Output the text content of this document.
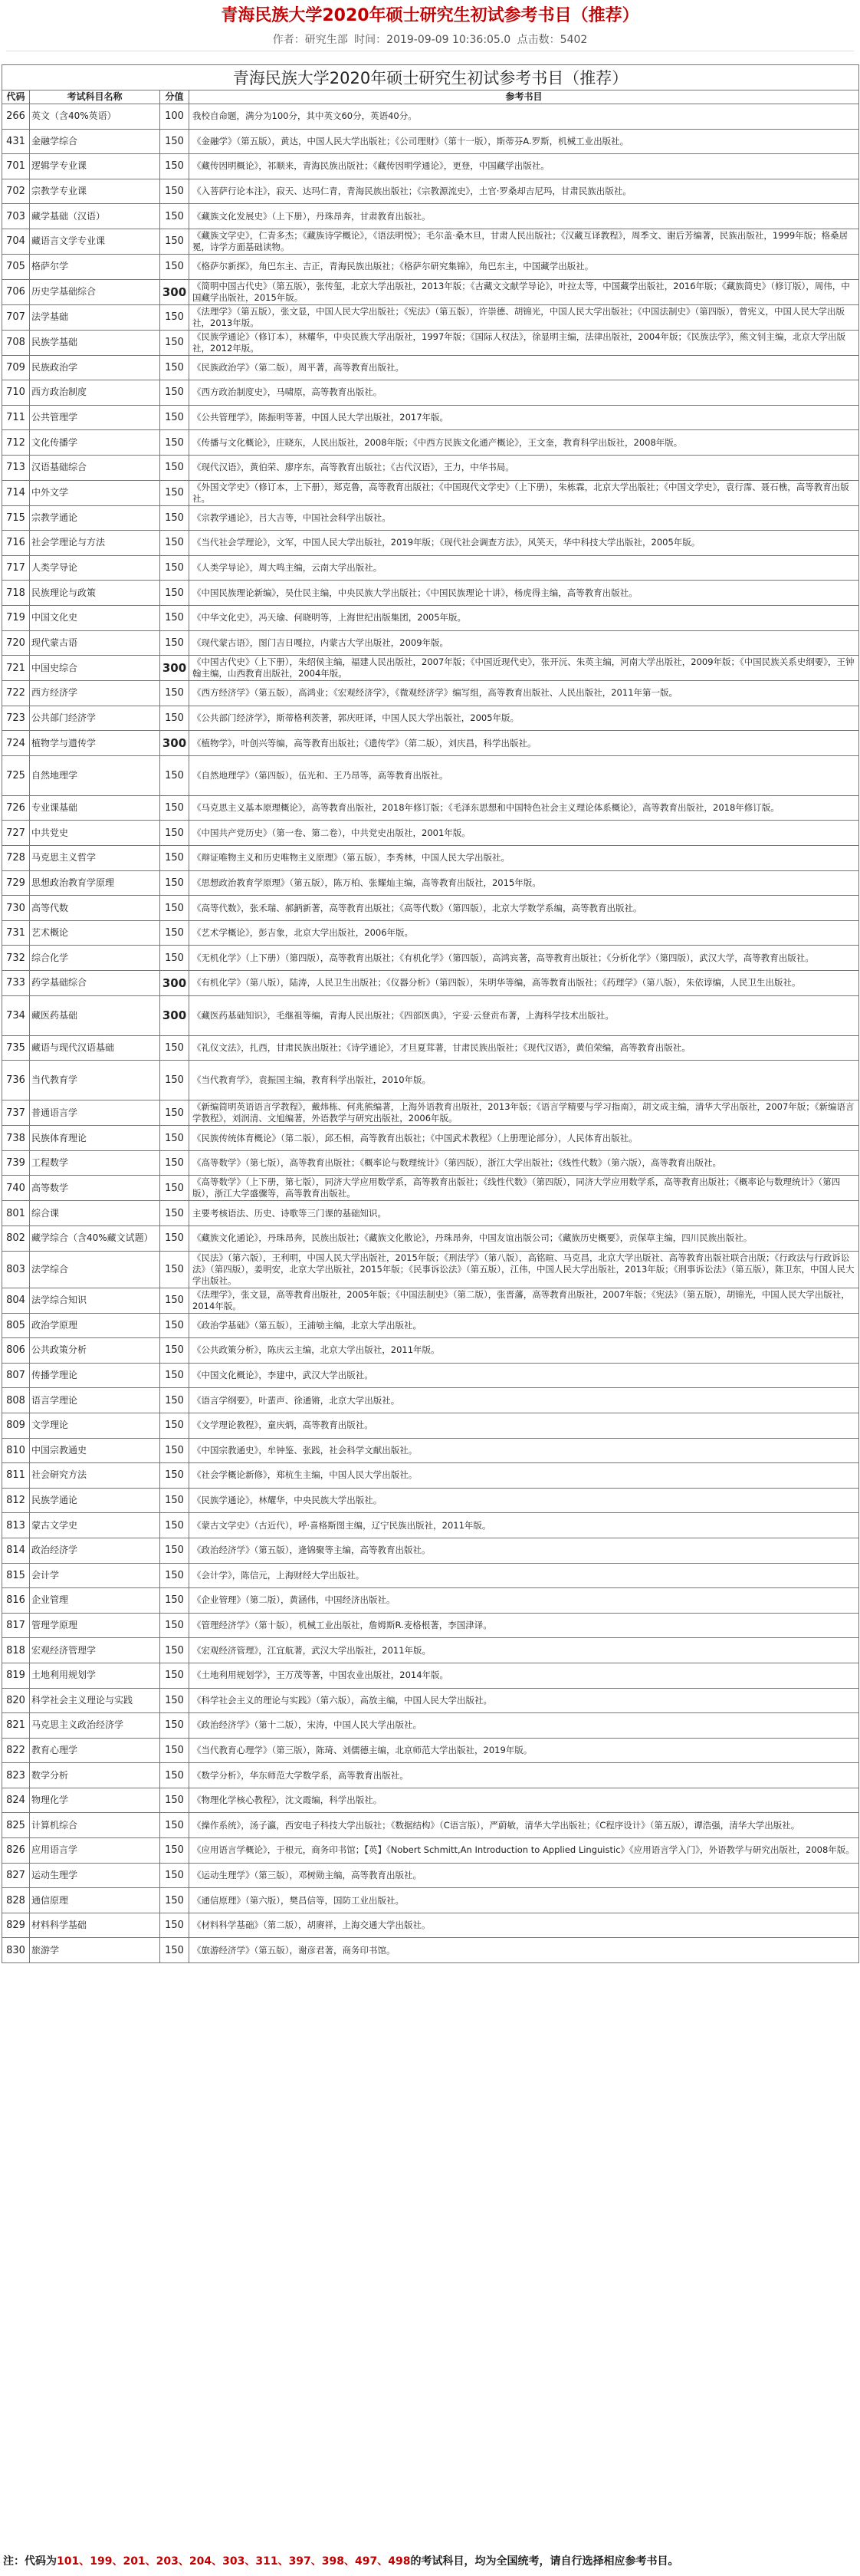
青海民族大学2020年硕士研究生初试参考书目（推荐）
作者：研究生部 时间：2019-09-09 10:36:05.0 点击数：5402
青海民族大学2020年硕士研究生初试参考书目（推荐）			
代码	考试科目名称	分值	参考书目
266	英文（含40%英语）	100	我校自命题，满分为100分，其中英文60分，英语40分。
431	金融学综合	150	《金融学》（第五版），黄达，中国人民大学出版社；《公司理财》（第十一版），斯蒂芬A.罗斯，机械工业出版社。
701	逻辑学专业课	150	《藏传因明概论》，祁顺来，青海民族出版社；《藏传因明学通论》，更登，中国藏学出版社。
702	宗教学专业课	150	《入菩萨行论本注》，寂天、达玛仁青，青海民族出版社；《宗教源流史》，土官·罗桑却吉尼玛，甘肃民族出版社。
703	藏学基础（汉语）	150	《藏族文化发展史》（上下册），丹珠昂奔，甘肃教育出版社。
704	藏语言文学专业课	150	《藏族文学史》，仁青多杰；《藏族诗学概论》，《语法明悦》；毛尔盖·桑木旦，甘肃人民出版社；《汉藏互译教程》，周季文、谢后芳编著，民族出版社，1999年版；格桑居冕，诗学方面基础读物。
705	格萨尔学	150	《格萨尔新探》，角巴东主、吉正，青海民族出版社；《格萨尔研究集锦》，角巴东主，中国藏学出版社。
706	历史学基础综合	300	《简明中国古代史》（第五版），张传玺，北京大学出版社，2013年版；《古藏文文献学导论》，叶拉太等，中国藏学出版社，2016年版；《藏族简史》（修订版），周伟，中国藏学出版社，2015年版。
707	法学基础	150	《法理学》（第五版），张文显，中国人民大学出版社；《宪法》（第五版），许崇德、胡锦光，中国人民大学出版社；《中国法制史》（第四版），曾宪义，中国人民大学出版社，2013年版。
708	民族学基础	150	《民族学通论》（修订本），林耀华，中央民族大学出版社，1997年版；《国际人权法》，徐显明主编，法律出版社，2004年版；《民族法学》，熊文钊主编，北京大学出版社，2012年版。
709	民族政治学	150	《民族政治学》（第二版），周平著，高等教育出版社。
710	西方政治制度	150	《西方政治制度史》，马啸原，高等教育出版社。
711	公共管理学	150	《公共管理学》，陈振明等著，中国人民大学出版社，2017年版。
712	文化传播学	150	《传播与文化概论》，庄晓东，人民出版社，2008年版；《中西方民族文化通产概论》，王文奎，教育科学出版社，2008年版。
713	汉语基础综合	150	《现代汉语》，黄伯荣、廖序东，高等教育出版社；《古代汉语》，王力，中华书局。
714	中外文学	150	《外国文学史》（修订本，上下册），郑克鲁，高等教育出版社；《中国现代文学史》（上下册），朱栋霖，北京大学出版社；《中国文学史》，袁行霈、聂石樵，高等教育出版社。
715	宗教学通论	150	《宗教学通论》，吕大吉等，中国社会科学出版社。
716	社会学理论与方法	150	《当代社会学理论》，文军，中国人民大学出版社，2019年版；《现代社会调查方法》，风笑天，华中科技大学出版社，2005年版。
717	人类学导论	150	《人类学导论》，周大鸣主编，云南大学出版社。
718	民族理论与政策	150	《中国民族理论新编》，吴仕民主编，中央民族大学出版社；《中国民族理论十讲》，杨虎得主编，高等教育出版社。
719	中国文化史	150	《中华文化史》，冯天瑜、何晓明等，上海世纪出版集团，2005年版。
720	现代蒙古语	150	《现代蒙古语》，图门吉日嘎拉，内蒙古大学出版社，2009年版。
721	中国史综合	300	《中国古代史》（上下册），朱绍侯主编，福建人民出版社，2007年版；《中国近现代史》，张开沅、朱英主编，河南大学出版社，2009年版；《中国民族关系史纲要》，王钟翰主编，山西教育出版社，2004年版。
722	西方经济学	150	《西方经济学》（第五版），高鸿业；《宏观经济学》，《微观经济学》编写组，高等教育出版社、人民出版社，2011年第一版。
723	公共部门经济学	150	《公共部门经济学》，斯蒂格利茨著，郭庆旺译，中国人民大学出版社，2005年版。
724	植物学与遗传学	300	《植物学》，叶创兴等编，高等教育出版社；《遗传学》（第二版），刘庆昌，科学出版社。
725	自然地理学	150	《自然地理学》（第四版），伍光和、王乃昂等，高等教育出版社。
726	专业课基础	150	《马克思主义基本原理概论》，高等教育出版社，2018年修订版；《毛泽东思想和中国特色社会主义理论体系概论》，高等教育出版社，2018年修订版。
727	中共党史	150	《中国共产党历史》（第一卷、第二卷），中共党史出版社，2001年版。
728	马克思主义哲学	150	《辩证唯物主义和历史唯物主义原理》（第五版），李秀林，中国人民大学出版社。
729	思想政治教育学原理	150	《思想政治教育学原理》（第五版），陈万柏、张耀灿主编，高等教育出版社，2015年版。
730	高等代数	150	《高等代数》，张禾瑞、郝鈵新著，高等教育出版社；《高等代数》（第四版），北京大学数学系编，高等教育出版社。
731	艺术概论	150	《艺术学概论》，彭吉象，北京大学出版社，2006年版。
732	综合化学	150	《无机化学》（上下册）（第四版），高等教育出版社；《有机化学》（第四版），高鸿宾著，高等教育出版社；《分析化学》（第四版），武汉大学，高等教育出版社。
733	药学基础综合	300	《有机化学》（第八版），陆涛，人民卫生出版社；《仪器分析》（第四版），朱明华等编，高等教育出版社；《药理学》（第八版），朱依谆编，人民卫生出版社。
734	藏医药基础	300	《藏医药基础知识》，毛继祖等编，青海人民出版社；《四部医典》，宇妥·云登贡布著，上海科学技术出版社。
735	藏语与现代汉语基础	150	《礼仪文法》，扎西，甘肃民族出版社；《诗学通论》，才旦夏茸著，甘肃民族出版社；《现代汉语》，黄伯荣编，高等教育出版社。
736	当代教育学	150	《当代教育学》，袁振国主编，教育科学出版社，2010年版。
737	普通语言学	150	《新编简明英语语言学教程》，戴炜栋、何兆熊编著，上海外语教育出版社，2013年版；《语言学精要与学习指南》，胡文成主编，清华大学出版社，2007年版；《新编语言学教程》，刘润清、文旭编著，外语教学与研究出版社，2006年版。
738	民族体育理论	150	《民族传统体育概论》（第二版），邱丕相，高等教育出版社；《中国武术教程》（上册理论部分），人民体育出版社。
739	工程数学	150	《高等数学》（第七版），高等教育出版社；《概率论与数理统计》（第四版），浙江大学出版社；《线性代数》（第六版），高等教育出版社。
740	高等数学	150	《高等数学》（上下册，第七版），同济大学应用数学系，高等教育出版社；《线性代数》（第四版），同济大学应用数学系，高等教育出版社；《概率论与数理统计》（第四版），浙江大学盛骤等，高等教育出版社。
801	综合课	150	主要考核语法、历史、诗歌等三门课的基础知识。
802	藏学综合（含40%藏文试题）	150	《藏族文化通论》，丹珠昂奔，民族出版社；《藏族文化散论》，丹珠昂奔，中国友谊出版公司；《藏族历史概要》，贡保草主编，四川民族出版社。
803	法学综合	150	《民法》（第六版），王利明，中国人民大学出版社，2015年版；《刑法学》（第八版），高铭暄、马克昌，北京大学出版社、高等教育出版社联合出版；《行政法与行政诉讼法》（第四版），姜明安，北京大学出版社，2015年版；《民事诉讼法》（第五版），江伟，中国人民大学出版社，2013年版；《刑事诉讼法》（第五版），陈卫东，中国人民大学出版社。
804	法学综合知识	150	《法理学》，张文显，高等教育出版社，2005年版；《中国法制史》（第二版），张晋藩，高等教育出版社，2007年版；《宪法》（第五版），胡锦光，中国人民大学出版社，2014年版。
805	政治学原理	150	《政治学基础》（第五版），王浦劬主编，北京大学出版社。
806	公共政策分析	150	《公共政策分析》，陈庆云主编，北京大学出版社，2011年版。
807	传播学理论	150	《中国文化概论》，李建中，武汉大学出版社。
808	语言学理论	150	《语言学纲要》，叶蜚声、徐通锵，北京大学出版社。
809	文学理论	150	《文学理论教程》，童庆炳，高等教育出版社。
810	中国宗教通史	150	《中国宗教通史》，牟钟鉴、张践，社会科学文献出版社。
811	社会研究方法	150	《社会学概论新修》，郑杭生主编，中国人民大学出版社。
812	民族学通论	150	《民族学通论》，林耀华，中央民族大学出版社。
813	蒙古文学史	150	《蒙古文学史》（古近代），呼·喜格斯图主编，辽宁民族出版社，2011年版。
814	政治经济学	150	《政治经济学》（第五版），逄锦聚等主编，高等教育出版社。
815	会计学	150	《会计学》，陈信元，上海财经大学出版社。
816	企业管理	150	《企业管理》（第二版），黄涵伟，中国经济出版社。
817	管理学原理	150	《管理经济学》（第十版），机械工业出版社，詹姆斯R.麦格根著，李国津译。
818	宏观经济管理学	150	《宏观经济管理》，江宜航著，武汉大学出版社，2011年版。
819	土地利用规划学	150	《土地利用规划学》，王万茂等著，中国农业出版社，2014年版。
820	科学社会主义理论与实践	150	《科学社会主义的理论与实践》（第六版），高放主编，中国人民大学出版社。
821	马克思主义政治经济学	150	《政治经济学》（第十二版），宋涛，中国人民大学出版社。
822	教育心理学	150	《当代教育心理学》（第三版），陈琦、刘儒德主编，北京师范大学出版社，2019年版。
823	数学分析	150	《数学分析》，华东师范大学数学系，高等教育出版社。
824	物理化学	150	《物理化学核心教程》，沈文霞编，科学出版社。
825	计算机综合	150	《操作系统》，汤子瀛，西安电子科技大学出版社；《数据结构》（C语言版），严蔚敏，清华大学出版社；《C程序设计》（第五版），谭浩强，清华大学出版社。
826	应用语言学	150	《应用语言学概论》，于根元，商务印书馆；【英】《Nobert Schmitt,An Introduction to Applied Linguistic》《应用语言学入门》，外语教学与研究出版社，2008年版。
827	运动生理学	150	《运动生理学》（第三版），邓树勋主编，高等教育出版社。
828	通信原理	150	《通信原理》（第六版），樊昌信等，国防工业出版社。
829	材料科学基础	150	《材料科学基础》（第二版），胡赓祥，上海交通大学出版社。
830	旅游学	150	《旅游经济学》（第五版），谢彦君著，商务印书馆。
注：代码为101、199、201、203、204、303、311、397、398、497、498的考试科目，均为全国统考，请自行选择相应参考书目。
